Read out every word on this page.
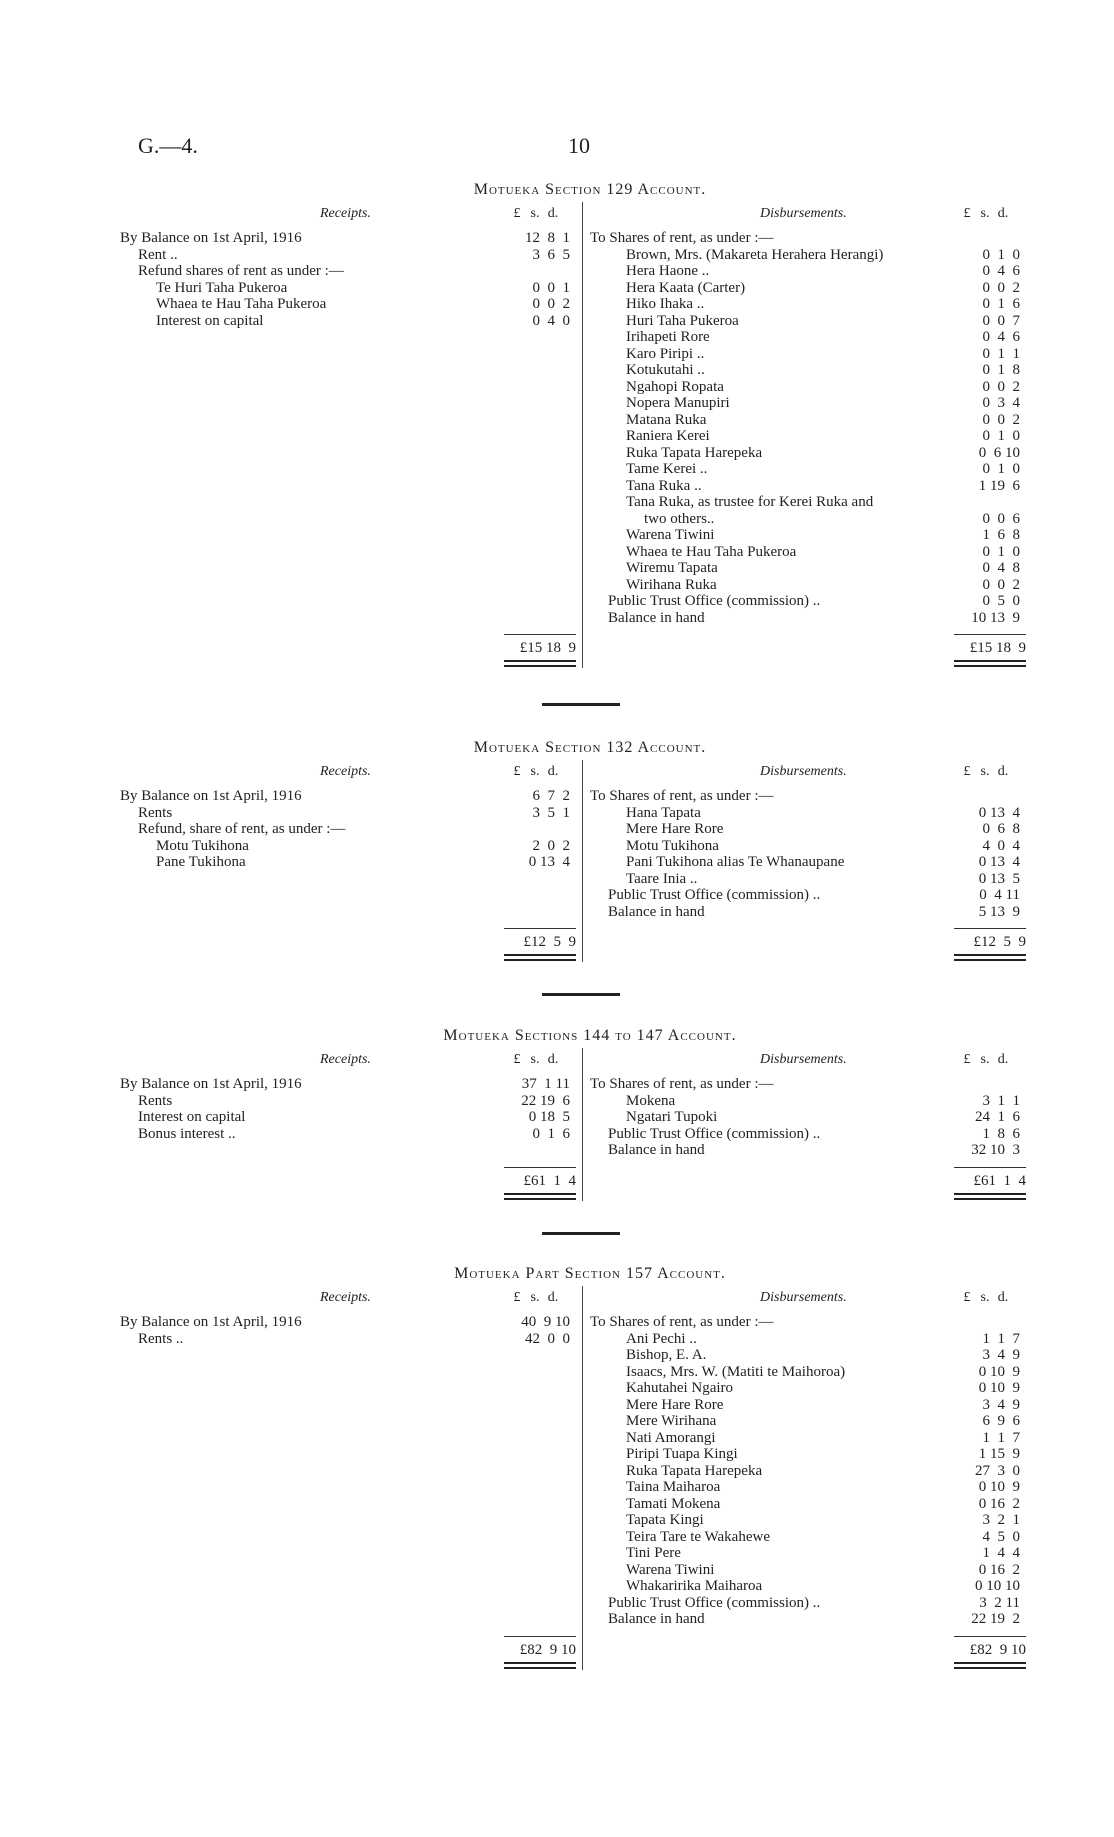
G.—4.	10
Motueka Section 129 Account.
Receipts.	Disbursements.
£ s. d.	£ s. d.
By Balance on 1st April, 1916	12  8  1
Rent ..	3  6  5
Refund shares of rent as under :—
Te Huri Taha Pukeroa	0  0  1
Whaea te Hau Taha Pukeroa	0  0  2
Interest on capital	0  4  0
To Shares of rent, as under :—
Brown, Mrs. (Makareta Herahera Herangi)	0  1  0
Hera Haone ..	0  4  6
Hera Kaata (Carter)	0  0  2
Hiko Ihaka ..	0  1  6
Huri Taha Pukeroa	0  0  7
Irihapeti Rore	0  4  6
Karo Piripi ..	0  1  1
Kotukutahi ..	0  1  8
Ngahopi Ropata	0  0  2
Nopera Manupiri	0  3  4
Matana Ruka	0  0  2
Raniera Kerei	0  1  0
Ruka Tapata Harepeka	0  6 10
Tame Kerei ..	0  1  0
Tana Ruka ..	1 19  6
Tana Ruka, as trustee for Kerei Ruka and
two others..	0  0  6
Warena Tiwini	1  6  8
Whaea te Hau Taha Pukeroa	0  1  0
Wiremu Tapata	0  4  8
Wirihana Ruka	0  0  2
Public Trust Office (commission) ..	0  5  0
Balance in hand	10 13  9
£15 18  9	£15 18  9
Motueka Section 132 Account.
Receipts.	Disbursements.
£ s. d.	£ s. d.
By Balance on 1st April, 1916	6  7  2
Rents	3  5  1
Refund, share of rent, as under :—
Motu Tukihona	2  0  2
Pane Tukihona	0 13  4
To Shares of rent, as under :—
Hana Tapata	0 13  4
Mere Hare Rore	0  6  8
Motu Tukihona	4  0  4
Pani Tukihona alias Te Whanaupane	0 13  4
Taare Inia ..	0 13  5
Public Trust Office (commission) ..	0  4 11
Balance in hand	5 13  9
£12  5  9	£12  5  9
Motueka Sections 144 to 147 Account.
Receipts.	Disbursements.
£ s. d.	£ s. d.
By Balance on 1st April, 1916	37  1 11
Rents	22 19  6
Interest on capital	0 18  5
Bonus interest ..	0  1  6
To Shares of rent, as under :—
Mokena	3  1  1
Ngatari Tupoki	24  1  6
Public Trust Office (commission) ..	1  8  6
Balance in hand	32 10  3
£61  1  4	£61  1  4
Motueka Part Section 157 Account.
Receipts.	Disbursements.
£ s. d.	£ s. d.
By Balance on 1st April, 1916	40  9 10
Rents ..	42  0  0
To Shares of rent, as under :—
Ani Pechi ..	1  1  7
Bishop, E. A.	3  4  9
Isaacs, Mrs. W. (Matiti te Maihoroa)	0 10  9
Kahutahei Ngairo	0 10  9
Mere Hare Rore	3  4  9
Mere Wirihana	6  9  6
Nati Amorangi	1  1  7
Piripi Tuapa Kingi	1 15  9
Ruka Tapata Harepeka	27  3  0
Taina Maiharoa	0 10  9
Tamati Mokena	0 16  2
Tapata Kingi	3  2  1
Teira Tare te Wakahewe	4  5  0
Tini Pere	1  4  4
Warena Tiwini	0 16  2
Whakaririka Maiharoa	0 10 10
Public Trust Office (commission) ..	3  2 11
Balance in hand	22 19  2
£82  9 10	£82  9 10
